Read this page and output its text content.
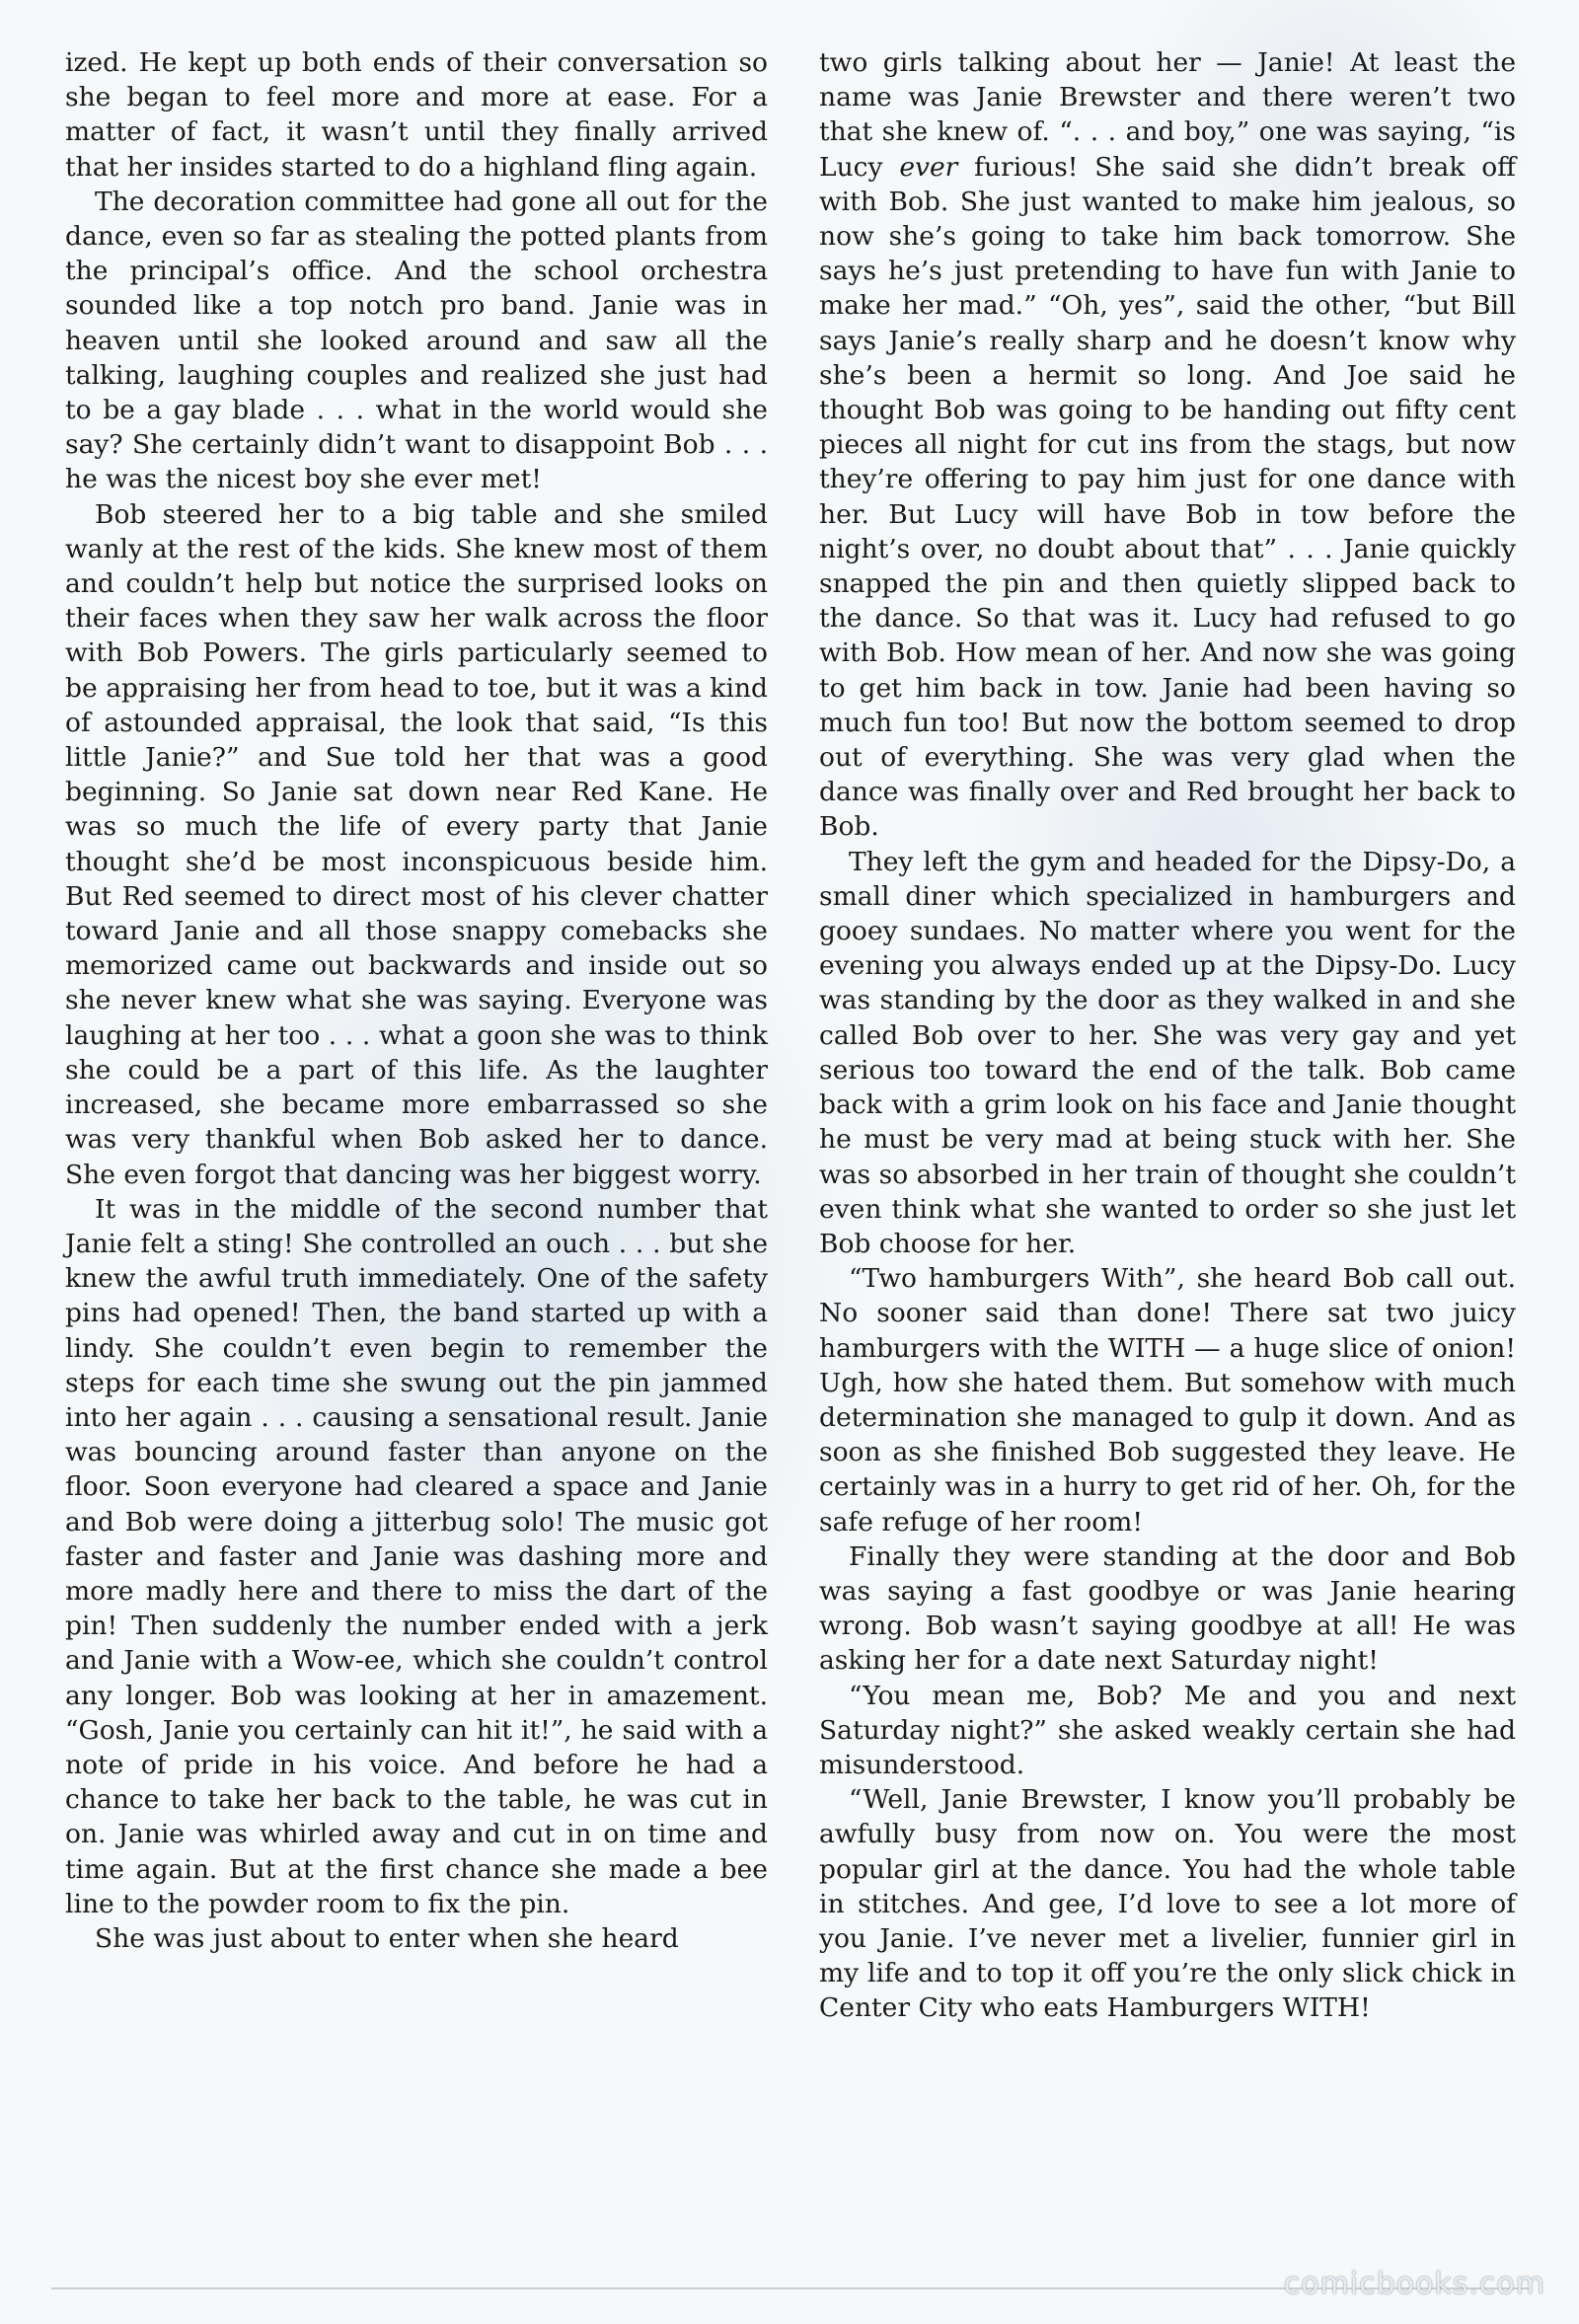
ized. He kept up both ends of their conversation so she began to feel more and more at ease. For a matter of fact, it wasn’t until they finally arrived that her insides started to do a highland fling again.

The decoration committee had gone all out for the dance, even so far as stealing the potted plants from the principal’s office. And the school orchestra sounded like a top notch pro band. Janie was in heaven until she looked around and saw all the talking, laughing couples and realized she just had to be a gay blade . . . what in the world would she say? She certainly didn’t want to disappoint Bob . . . he was the nicest boy she ever met!

Bob steered her to a big table and she smiled wanly at the rest of the kids. She knew most of them and couldn’t help but notice the surprised looks on their faces when they saw her walk across the floor with Bob Powers. The girls particularly seemed to be appraising her from head to toe, but it was a kind of astounded appraisal, the look that said, “Is this little Janie?” and Sue told her that was a good beginning. So Janie sat down near Red Kane. He was so much the life of every party that Janie thought she’d be most inconspicuous beside him. But Red seemed to direct most of his clever chatter toward Janie and all those snappy comebacks she memorized came out backwards and inside out so she never knew what she was saying. Everyone was laughing at her too . . . what a goon she was to think she could be a part of this life. As the laughter increased, she became more embarrassed so she was very thankful when Bob asked her to dance. She even forgot that dancing was her biggest worry.

It was in the middle of the second number that Janie felt a sting! She controlled an ouch . . . but she knew the awful truth immediately. One of the safety pins had opened! Then, the band started up with a lindy. She couldn’t even begin to remember the steps for each time she swung out the pin jammed into her again . . . causing a sensational result. Janie was bouncing around faster than anyone on the floor. Soon everyone had cleared a space and Janie and Bob were doing a jitterbug solo! The music got faster and faster and Janie was dashing more and more madly here and there to miss the dart of the pin! Then suddenly the number ended with a jerk and Janie with a Wow-ee, which she couldn’t control any longer. Bob was looking at her in amazement. “Gosh, Janie you certainly can hit it!”, he said with a note of pride in his voice. And before he had a chance to take her back to the table, he was cut in on. Janie was whirled away and cut in on time and time again. But at the first chance she made a bee line to the powder room to fix the pin.

She was just about to enter when she heard

two girls talking about her — Janie! At least the name was Janie Brewster and there weren’t two that she knew of. “. . . and boy,” one was saying, “is Lucy ever furious! She said she didn’t break off with Bob. She just wanted to make him jealous, so now she’s going to take him back tomorrow. She says he’s just pretending to have fun with Janie to make her mad.” “Oh, yes”, said the other, “but Bill says Janie’s really sharp and he doesn’t know why she’s been a hermit so long. And Joe said he thought Bob was going to be handing out fifty cent pieces all night for cut ins from the stags, but now they’re offering to pay him just for one dance with her. But Lucy will have Bob in tow before the night’s over, no doubt about that” . . . Janie quickly snapped the pin and then quietly slipped back to the dance. So that was it. Lucy had refused to go with Bob. How mean of her. And now she was going to get him back in tow. Janie had been having so much fun too! But now the bottom seemed to drop out of everything. She was very glad when the dance was finally over and Red brought her back to Bob.

They left the gym and headed for the Dipsy-Do, a small diner which specialized in hamburgers and gooey sundaes. No matter where you went for the evening you always ended up at the Dipsy-Do. Lucy was standing by the door as they walked in and she called Bob over to her. She was very gay and yet serious too toward the end of the talk. Bob came back with a grim look on his face and Janie thought he must be very mad at being stuck with her. She was so absorbed in her train of thought she couldn’t even think what she wanted to order so she just let Bob choose for her.

“Two hamburgers With”, she heard Bob call out. No sooner said than done! There sat two juicy hamburgers with the WITH — a huge slice of onion! Ugh, how she hated them. But somehow with much determination she managed to gulp it down. And as soon as she finished Bob suggested they leave. He certainly was in a hurry to get rid of her. Oh, for the safe refuge of her room!

Finally they were standing at the door and Bob was saying a fast goodbye or was Janie hearing wrong. Bob wasn’t saying goodbye at all! He was asking her for a date next Saturday night!

“You mean me, Bob? Me and you and next Saturday night?” she asked weakly certain she had misunderstood.

“Well, Janie Brewster, I know you’ll probably be awfully busy from now on. You were the most popular girl at the dance. You had the whole table in stitches. And gee, I’d love to see a lot more of you Janie. I’ve never met a livelier, funnier girl in my life and to top it off you’re the only slick chick in Center City who eats Hamburgers WITH!

comicbooks.com
